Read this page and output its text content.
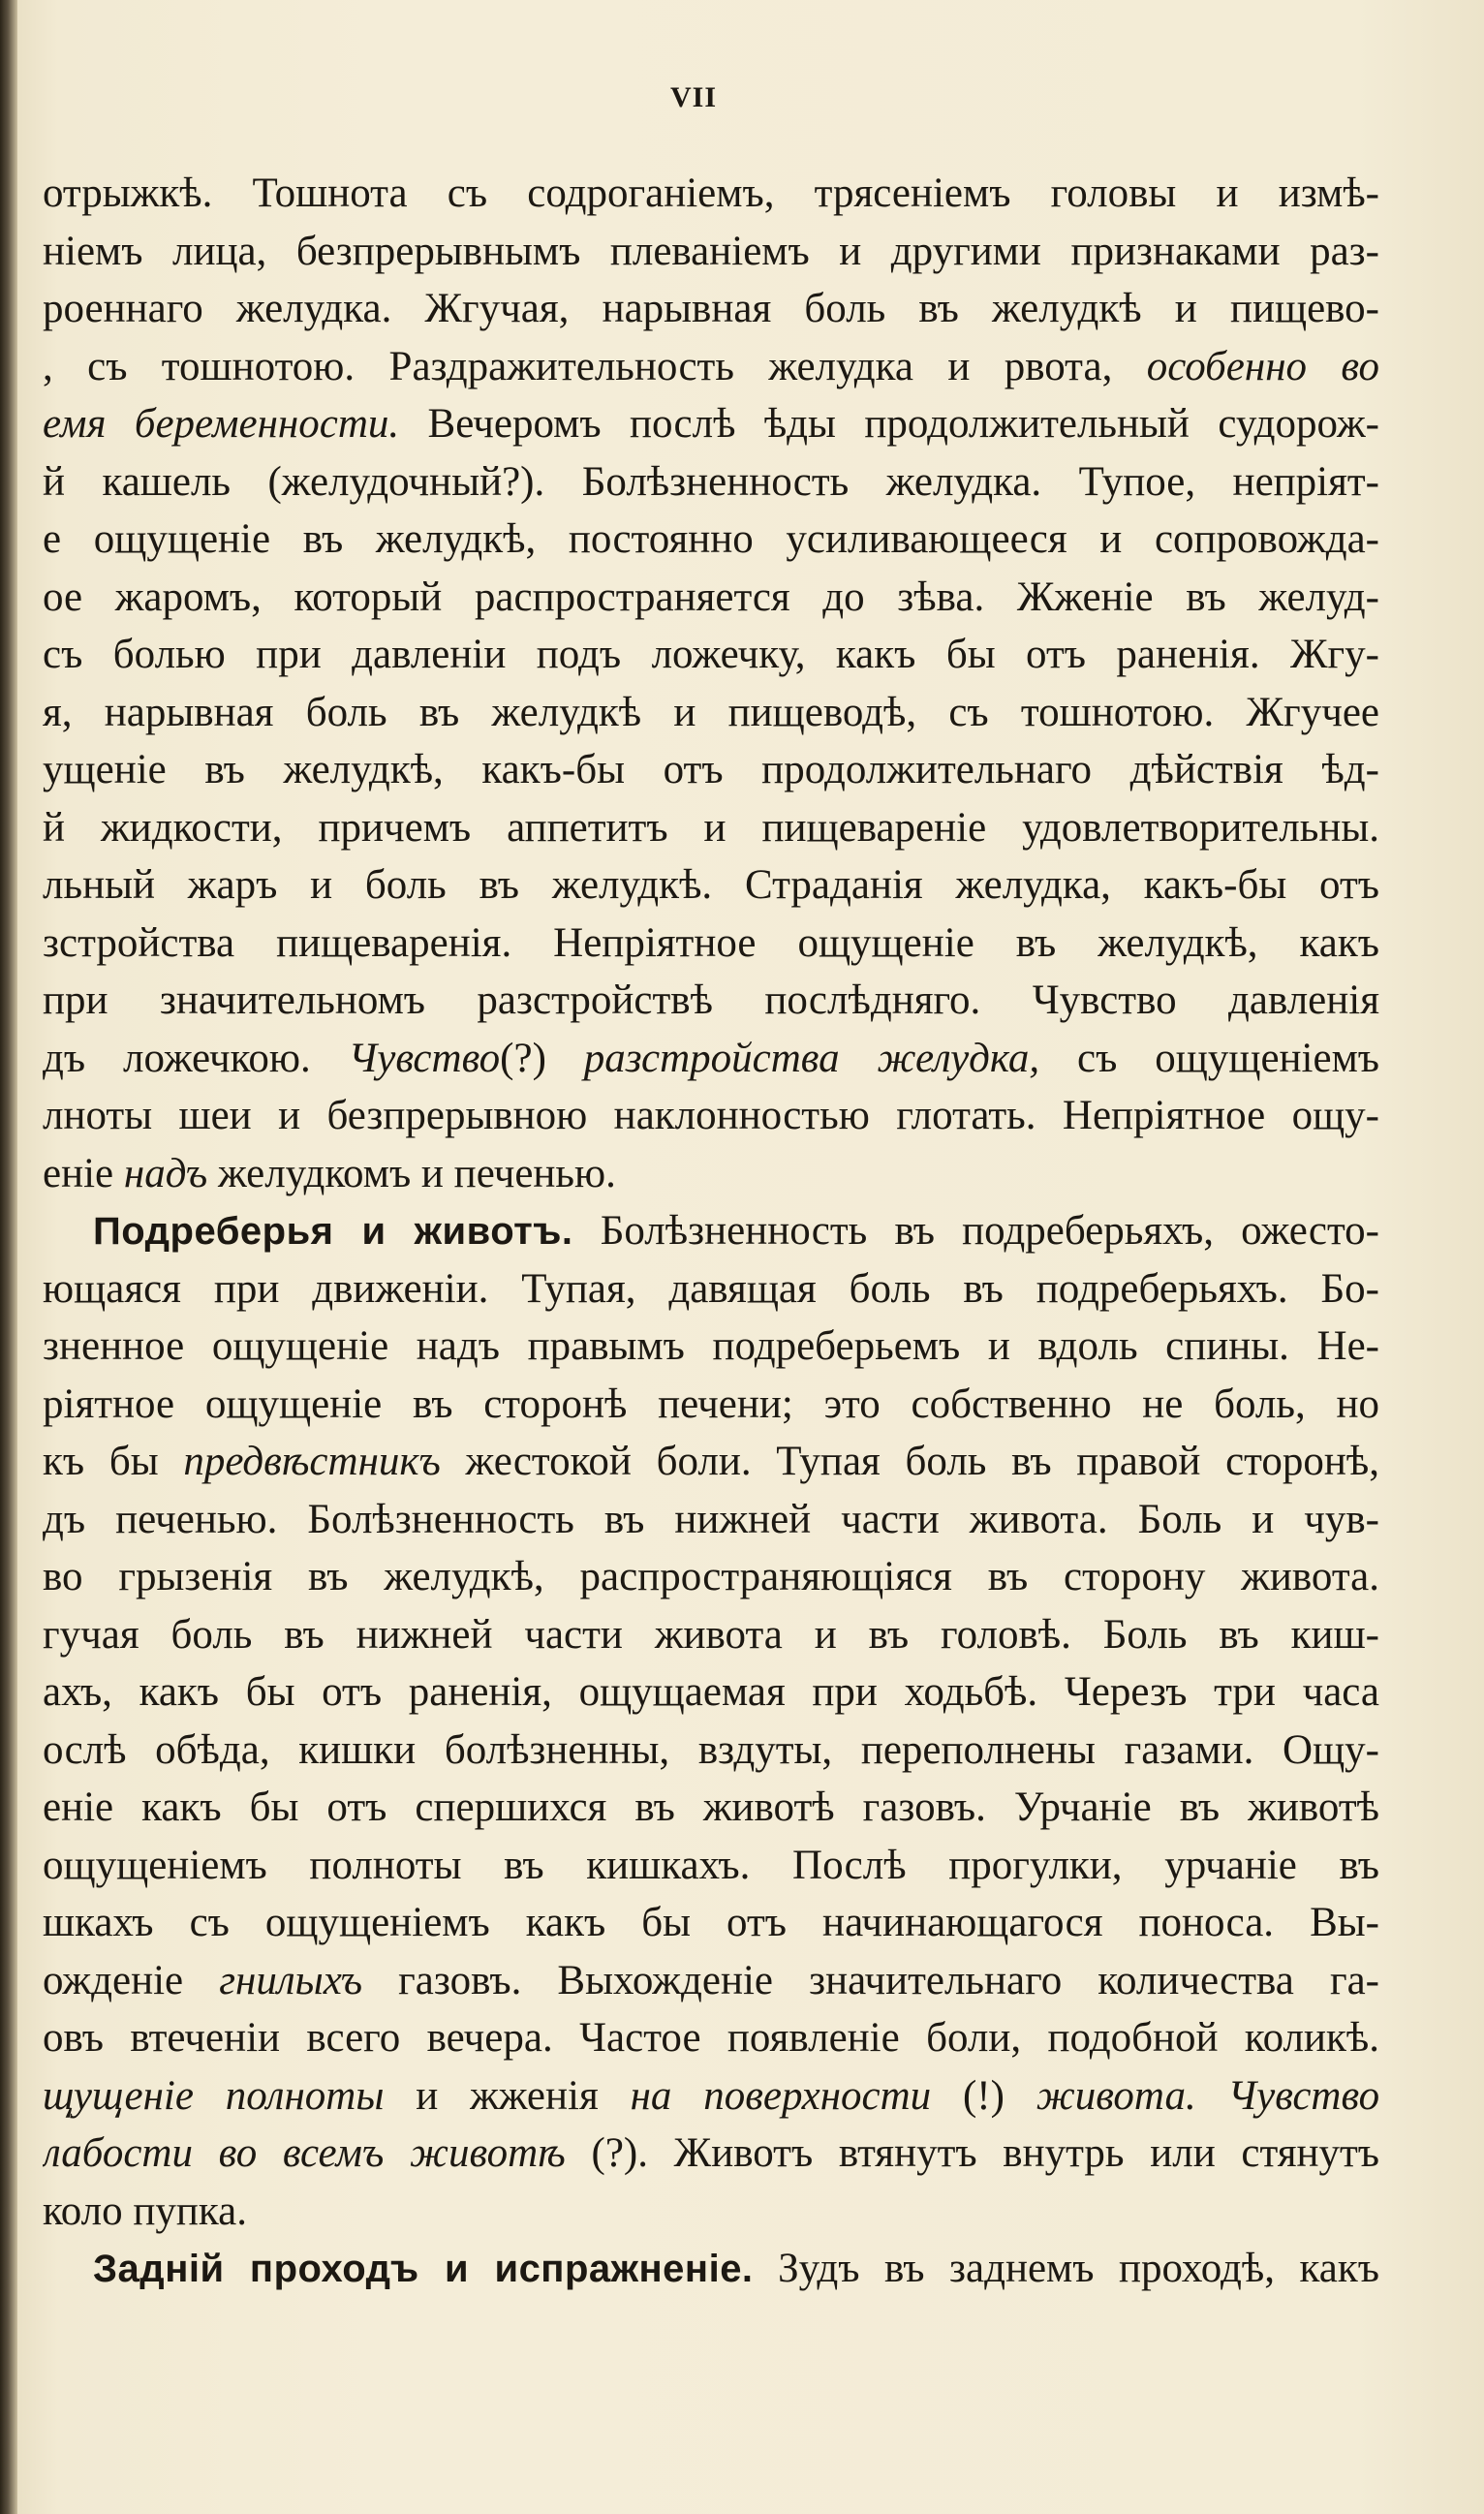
VII
отрыжкѣ. Тошнота съ содроганіемъ, трясеніемъ головы и измѣ-
ніемъ лица, безпрерывнымъ плеваніемъ и другими признаками раз-
роеннаго желудка. Жгучая, нарывная боль въ желудкѣ и пищево-
, съ тошнотою. Раздражительность желудка и рвота, особенно во
емя беременности. Вечеромъ послѣ ѣды продолжительный судорож-
й кашель (желудочный?). Болѣзненность желудка. Тупое, непріят-
е ощущеніе въ желудкѣ, постоянно усиливающееся и сопровожда-
ое жаромъ, который распространяется до зѣва. Жженіе въ желуд-
съ болью при давленіи подъ ложечку, какъ бы отъ раненія. Жгу-
я, нарывная боль въ желудкѣ и пищеводѣ, съ тошнотою. Жгучее
ущеніе въ желудкѣ, какъ-бы отъ продолжительнаго дѣйствія ѣд-
й жидкости, причемъ аппетитъ и пищевареніе удовлетворительны.
льный жаръ и боль въ желудкѣ. Страданія желудка, какъ-бы отъ
зстройства пищеваренія. Непріятное ощущеніе въ желудкѣ, какъ
при значительномъ разстройствѣ послѣдняго. Чувство давленія
дъ ложечкою. Чувство(?) разстройства желудка, съ ощущеніемъ
лноты шеи и безпрерывною наклонностью глотать. Непріятное ощу-
еніе надъ желудкомъ и печенью.
Подреберья и животъ. Болѣзненность въ подреберьяхъ, ожесто-
ющаяся при движеніи. Тупая, давящая боль въ подреберьяхъ. Бо-
зненное ощущеніе надъ правымъ подреберьемъ и вдоль спины. Не-
ріятное ощущеніе въ сторонѣ печени; это собственно не боль, но
къ бы предвѣстникъ жестокой боли. Тупая боль въ правой сторонѣ,
дъ печенью. Болѣзненность въ нижней части живота. Боль и чув-
во грызенія въ желудкѣ, распространяющіяся въ сторону живота.
гучая боль въ нижней части живота и въ головѣ. Боль въ киш-
ахъ, какъ бы отъ раненія, ощущаемая при ходьбѣ. Черезъ три часа
ослѣ обѣда, кишки болѣзненны, вздуты, переполнены газами. Ощу-
еніе какъ бы отъ спершихся въ животѣ газовъ. Урчаніе въ животѣ
ощущеніемъ полноты въ кишкахъ. Послѣ прогулки, урчаніе въ
шкахъ съ ощущеніемъ какъ бы отъ начинающагося поноса. Вы-
ожденіе гнилыхъ газовъ. Выхожденіе значительнаго количества га-
овъ втеченіи всего вечера. Частое появленіе боли, подобной коликѣ.
щущеніе полноты и жженія на поверхности (!) живота. Чувство
лабости во всемъ животѣ (?). Животъ втянутъ внутрь или стянутъ
коло пупка.
Задній проходъ и испражненіе. Зудъ въ заднемъ проходѣ, какъ
